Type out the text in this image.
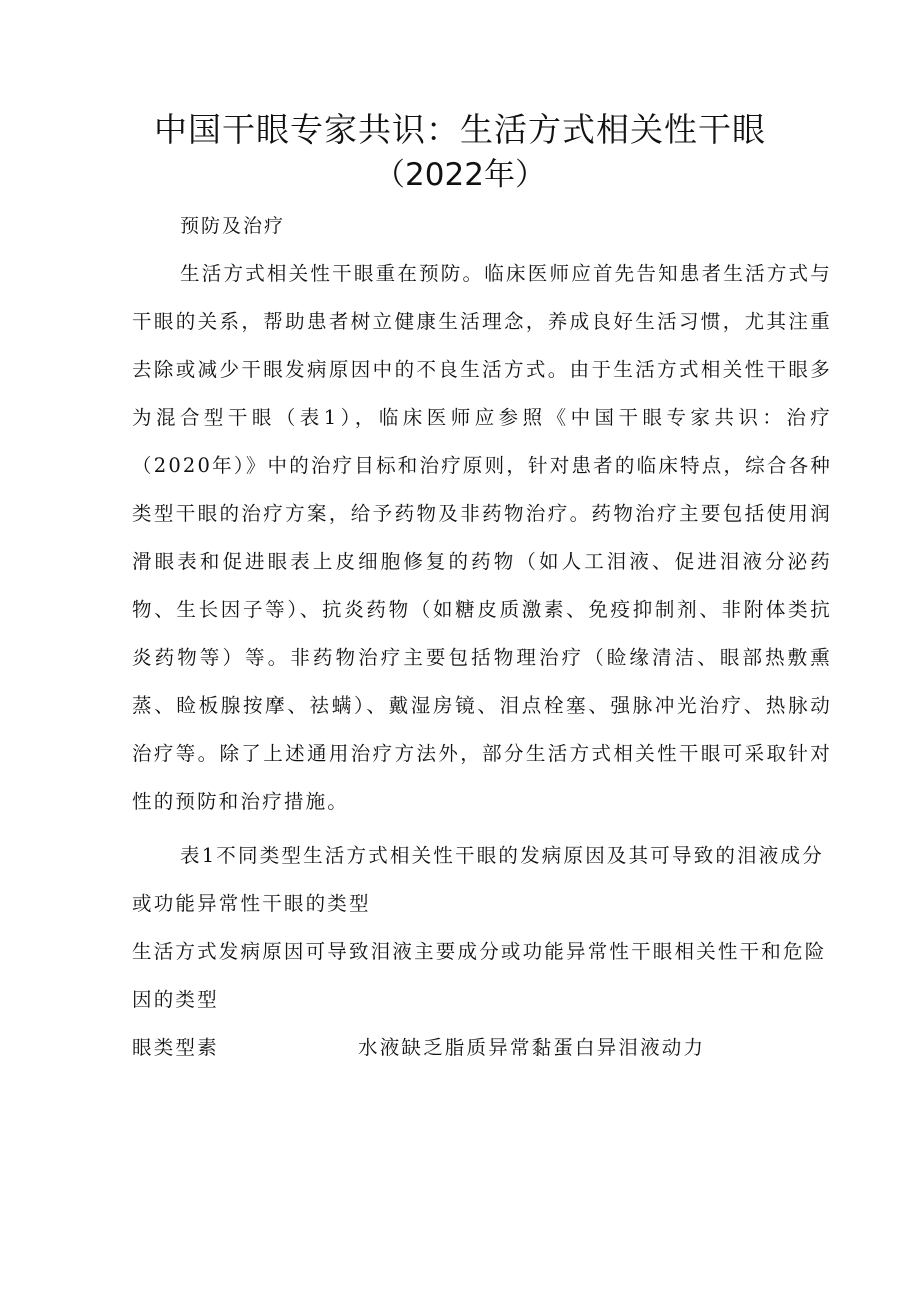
中国干眼专家共识：生活方式相关性干眼
（2022年）
预防及治疗

生活方式相关性干眼重在预防。临床医师应首先告知患者生活方式与干眼的关系，帮助患者树立健康生活理念，养成良好生活习惯，尤其注重去除或减少干眼发病原因中的不良生活方式。由于生活方式相关性干眼多为混合型干眼（表1），临床医师应参照《中国干眼专家共识：治疗（2020年）》中的治疗目标和治疗原则，针对患者的临床特点，综合各种类型干眼的治疗方案，给予药物及非药物治疗。药物治疗主要包括使用润滑眼表和促进眼表上皮细胞修复的药物（如人工泪液、促进泪液分泌药物、生长因子等）、抗炎药物（如糖皮质激素、免疫抑制剂、非附体类抗炎药物等）等。非药物治疗主要包括物理治疗（睑缘清洁、眼部热敷熏蒸、睑板腺按摩、祛螨）、戴湿房镜、泪点栓塞、强脉冲光治疗、热脉动治疗等。除了上述通用治疗方法外，部分生活方式相关性干眼可采取针对性的预防和治疗措施。

表1不同类型生活方式相关性干眼的发病原因及其可导致的泪液成分或功能异常性干眼的类型

生活方式发病原因可导致泪液主要成分或功能异常性干眼相关性干和危险因的类型

眼类型素	水液缺乏脂质异常黏蛋白异泪液动力
